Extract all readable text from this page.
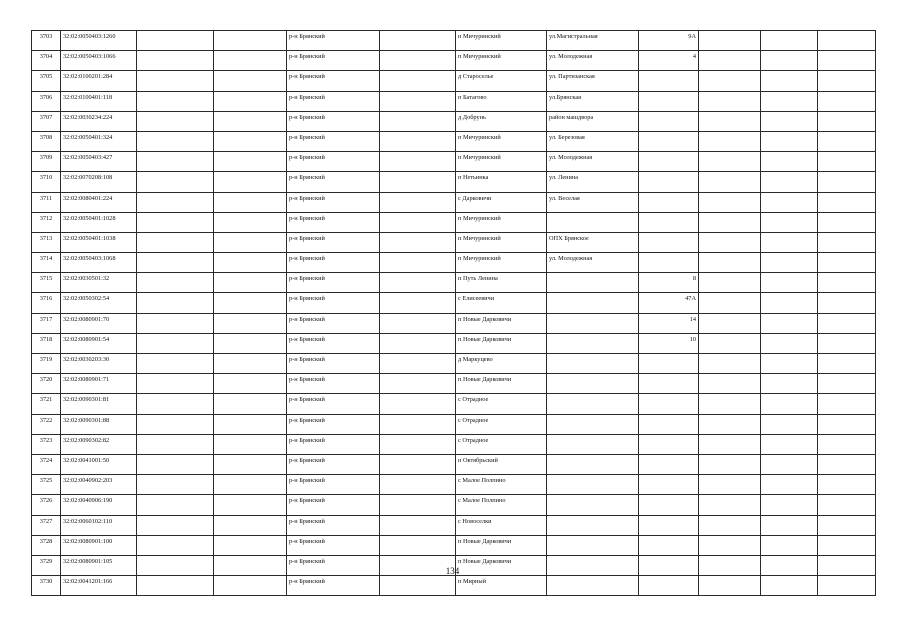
3703	32:02:0050403:1260			р-н Брянский		п Мичуринский	ул.Магистральная	9А			
3704	32:02:0050403:1066			р-н Брянский		п Мичуринский	ул. Молодежная	4			
3705	32:02:0100201:284			р-н Брянский		д Староселье	ул. Партизанская				
3706	32:02:0100401:118			р-н Брянский		п Батагово	ул.Брянская				
3707	32:02:0030234:224			р-н Брянский		д Добрунь	район машдвора				
3708	32:02:0050401:324			р-н Брянский		п Мичуринский	ул. Березовая				
3709	32:02:0050403:427			р-н Брянский		п Мичуринский	ул. Молодежная				
3710	32:02:0070208:108			р-н Брянский		п Нетьинка	ул. Ленина				
3711	32:02:0080401:224			р-н Брянский		с Дарковичи	ул. Веселая				
3712	32:02:0050401:1028			р-н Брянский		п Мичуринский					
3713	32:02:0050401:1038			р-н Брянский		п Мичуринский	ОПХ Брянское				
3714	32:02:0050403:1068			р-н Брянский		п Мичуринский	ул. Молодежная				
3715	32:02:0030501:32			р-н Брянский		п Путь Ленина		8			
3716	32:02:0050302:54			р-н Брянский		с Елисеевичи		47А			
3717	32:02:0080901:70			р-н Брянский		п Новые Дарковичи		14			
3718	32:02:0080901:54			р-н Брянский		п Новые Дарковичи		10			
3719	32:02:0030203:30			р-н Брянский		д Маркуцево					
3720	32:02:0080901:71			р-н Брянский		п Новые Дарковичи					
3721	32:02:0090301:81			р-н Брянский		с Отрадное					
3722	32:02:0090301:88			р-н Брянский		с Отрадное					
3723	32:02:0090302:82			р-н Брянский		с Отрадное					
3724	32:02:0041001:50			р-н Брянский		п Октябрьский					
3725	32:02:0040902:203			р-н Брянский		с Малое Полпино					
3726	32:02:0040906:190			р-н Брянский		с Малое Полпино					
3727	32:02:0060102:110			р-н Брянский		с Новоселки					
3728	32:02:0080901:100			р-н Брянский		п Новые Дарковичи					
3729	32:02:0080901:105			р-н Брянский		п Новые Дарковичи					
3730	32:02:0041201:166			р-н Брянский		п Мирный					
134
